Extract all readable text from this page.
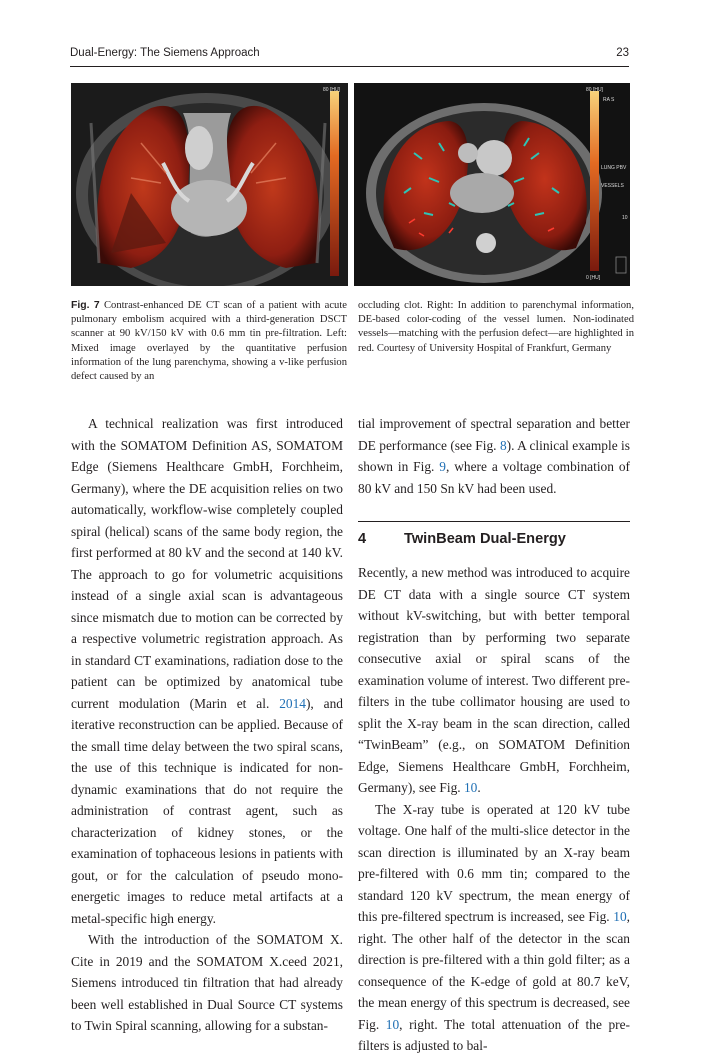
Dual-Energy: The Siemens Approach	23
80 [HU]	80 [HU]
0 [HU]
LUNG PBV
VESSELS
10
RA S
Fig. 7 Contrast-enhanced DE CT scan of a patient with acute pulmonary embolism acquired with a third-generation DSCT scanner at 90 kV/150 kV with 0.6 mm tin pre-filtration. Left: Mixed image overlayed by the quantitative perfusion information of the lung parenchyma, showing a v-like perfusion defect caused by an
occluding clot. Right: In addition to parenchymal information, DE-based color-coding of the vessel lumen. Non-iodinated vessels—matching with the perfusion defect—are highlighted in red. Courtesy of University Hospital of Frankfurt, Germany

A technical realization was first introduced with the SOMATOM Definition AS, SOMATOM Edge (Siemens Healthcare GmbH, Forchheim, Germany), where the DE acquisition relies on two automatically, workflow-wise completely coupled spiral (helical) scans of the same body region, the first performed at 80 kV and the second at 140 kV. The approach to go for volumetric acquisitions instead of a single axial scan is advantageous since mismatch due to motion can be corrected by a respective volumetric registration approach. As in standard CT examinations, radiation dose to the patient can be optimized by anatomical tube current modulation (Marin et al. 2014), and iterative reconstruction can be applied. Because of the small time delay between the two spiral scans, the use of this technique is indicated for non-dynamic examinations that do not require the administration of contrast agent, such as characterization of kidney stones, or the examination of tophaceous lesions in patients with gout, or for the calculation of pseudo mono-energetic images to reduce metal artifacts at a metal-specific high energy.

With the introduction of the SOMATOM X. Cite in 2019 and the SOMATOM X.ceed 2021, Siemens introduced tin filtration that had already been well established in Dual Source CT systems to Twin Spiral scanning, allowing for a substan-

tial improvement of spectral separation and better DE performance (see Fig. 8). A clinical example is shown in Fig. 9, where a voltage combination of 80 kV and 150 Sn kV had been used.

4	TwinBeam Dual-Energy

Recently, a new method was introduced to acquire DE CT data with a single source CT system without kV-switching, but with better temporal registration than by performing two separate consecutive axial or spiral scans of the examination volume of interest. Two different pre-filters in the tube collimator housing are used to split the X-ray beam in the scan direction, called “TwinBeam” (e.g., on SOMATOM Definition Edge, Siemens Healthcare GmbH, Forchheim, Germany), see Fig. 10.

The X-ray tube is operated at 120 kV tube voltage. One half of the multi-slice detector in the scan direction is illuminated by an X-ray beam pre-filtered with 0.6 mm tin; compared to the standard 120 kV spectrum, the mean energy of this pre-filtered spectrum is increased, see Fig. 10, right. The other half of the detector in the scan direction is pre-filtered with a thin gold filter; as a consequence of the K-edge of gold at 80.7 keV, the mean energy of this spectrum is decreased, see Fig. 10, right. The total attenuation of the pre-filters is adjusted to bal-
